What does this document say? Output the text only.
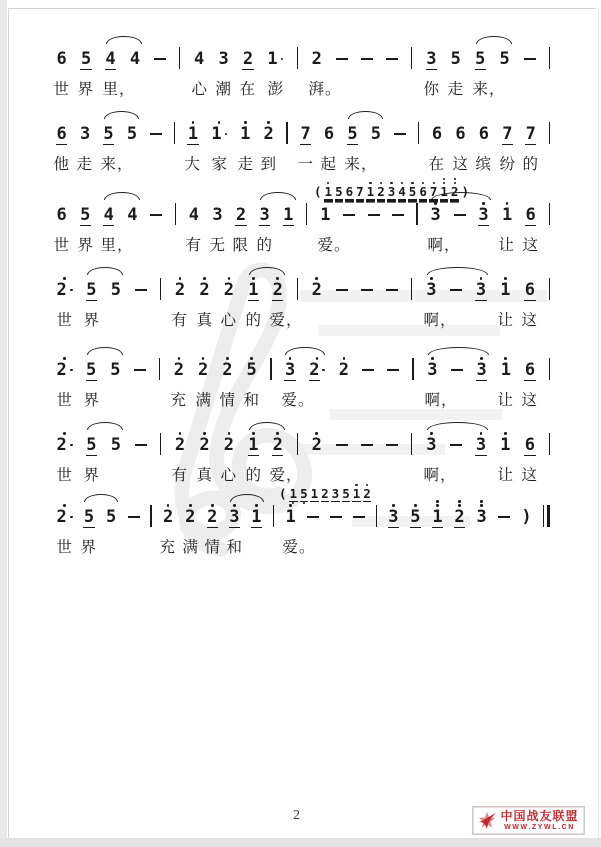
6 5 4 4	4 3 2 1 2	3 5 5 5
世 界 里，	心 潮 在 澎 湃。	你 走 来，
6 3 5 5	1 1 1 2 7 6 5 5	6 6 6 7 7
他 走 来，	大 家 走 到 一 起 来，	在 这 缤 纷 的
6 5 4 4	4 3 2 3 1 1	3 3 1 6
( 1 5 6 7 1 2 3 4 5 6 7 1 2 )
世 界 里，	有 无 限 的	爱。	啊， 让 这
2 5 5	2 2 2 1 2 2	3 3 1 6
世 界	有 真 心 的 爱，	啊，	让 这
2 5 5	2 2 2 5 3 2 2	3 3 1 6
世 界	充 满 情 和 爱。	啊，	让 这
2 5 5	2 2 2 1 2 2	3 3 1 6
世 界	有 真 心 的 爱，	啊，	让 这
2 5 5	2 2 2 3 1 1	3 5 1 2 3 )
( 1 5 1 2 3 5 1 2
世 界	充 满 情 和	爱。
2	中国战友联盟
WWW.ZYWL.CN
